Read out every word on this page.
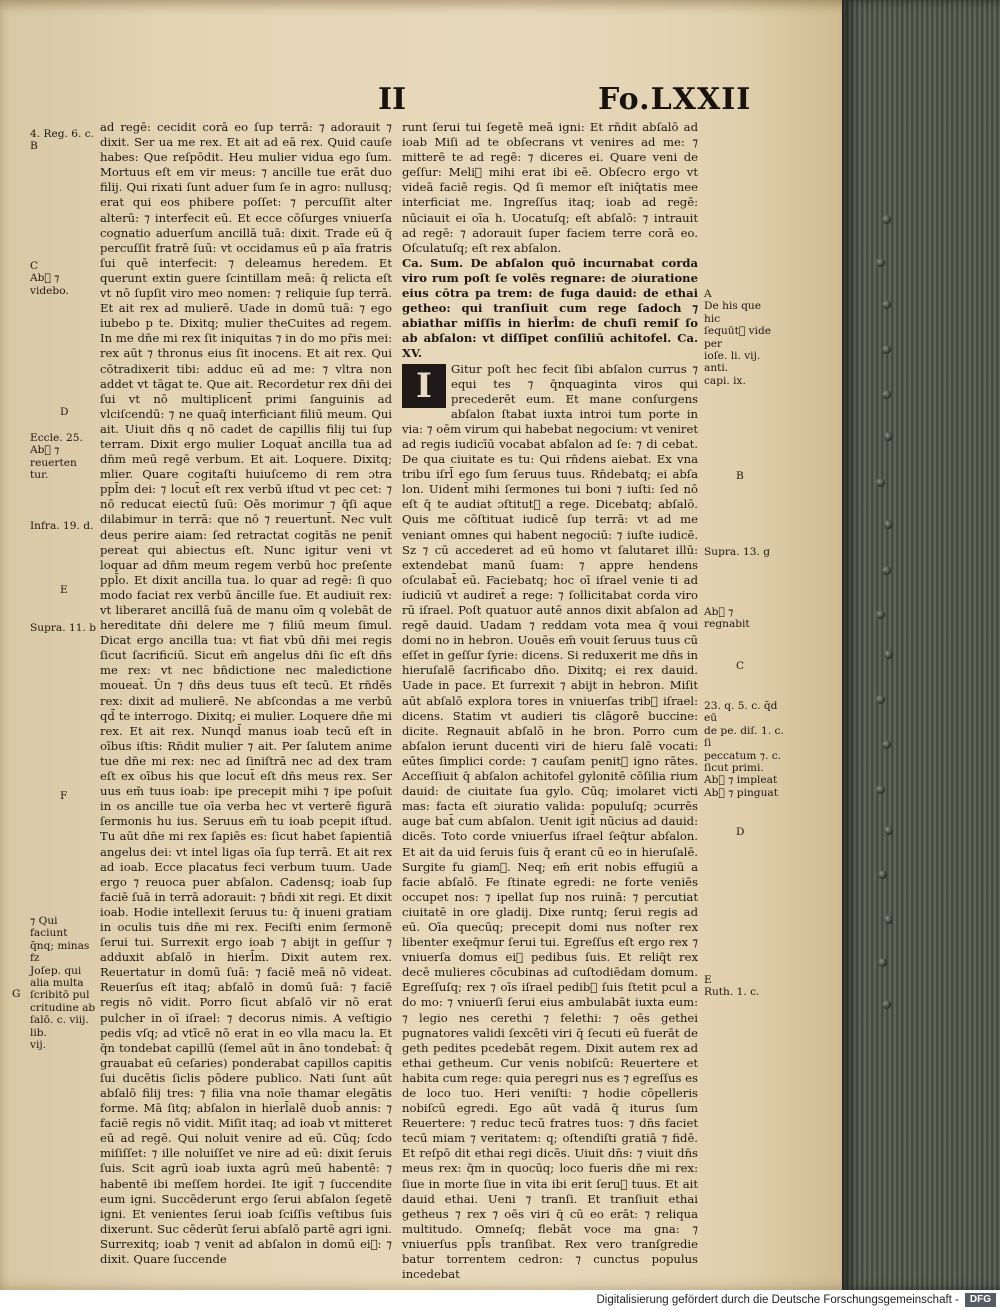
II	Fo.LXXII
4. Reg. 6. c.
B
C
Ab᷑ ⁊ videbo.
D
Eccle. 25.
Ab᷑ ⁊ reuerten
tur.
Infra. 19. d.
E
Supra. 11. b
F
⁊ Qui faciunt
q̄nq; minas fz
Joſep. qui
alia multa
ſcribitō pul
critudine ab
ſalō. c. viij. lib.
vij.
G

ad regē: cecidit corā eo ſup terrā: ⁊ adorauit ⁊ dixit. Ser ua me rex. Et ait ad eā rex. Quid cauſe habes: Que reſpōdit. Heu mulier vidua ego ſum. Mortuus eſt em vir meus: ⁊ ancille tue erāt duo filij. Qui rixati ſunt aduer ſum ſe in agro: nullusq; erat qui eos phibere poſſet: ⁊ percuſſit alter alterū: ⁊ interfecit eū. Et ecce cōſurges vniuerſa cognatio aduerſum ancillā tuā: dixit. Trade eū q̄ percuſſit fratrē ſuū: vt occidamus eū p aīa fratris ſui quē interfecit: ⁊ deleamus heredem. Et querunt extin guere ſcintillam meā: q̄ relicta eſt vt nō ſupſit viro meo nomen: ⁊ reliquie ſup terrā. Et ait rex ad mulierē. Uade in domū tuā: ⁊ ego iubebo p te. Dixitq; mulier theCuites ad regem. In me dn̄e mi rex ſit iniquitas ⁊ in do mo pr̄is mei: rex aūt ⁊ thronus eius ſit inocens. Et ait rex. Qui cōtradixerit tibi: adduc eū ad me: ⁊ vltra non addet vt tāgat te. Que ait. Recordetur rex dn̄i dei ſui vt nō multiplicent̄ primi ſanguinis ad vlciſcendū: ⁊ ne quaq̄ interficiant filiū meum. Qui ait. Uiuit dn̄s q nō cadet de capillis filij tui ſup terram. Dixit ergo mulier Loquat̄ ancilla tua ad dn̄m meū regē verbum. Et ait. Loquere. Dixitq; mlier. Quare cogitaſti huiuſcemo di rem ɔtra ppl̄m dei: ⁊ locut̄ eſt rex verbū iſtud vt pec cet: ⁊ nō reducat eiectū ſuū: Oēs morimur ⁊ q̄ſi aque dilabimur in terrā: que nō ⁊ reuertunt̄. Nec vult deus perire aiam: ſed retractat cogitās ne penit̄ pereat qui abiectus eſt. Nunc igitur veni vt loquar ad dn̄m meum regem verbū hoc preſente ppl̄o. Et dixit ancilla tua. lo quar ad regē: ſi quo modo faciat rex verbū āncille ſue. Et audiuit rex: vt liberaret ancillā ſuā de manu oīm q volebāt de hereditate dn̄i delere me ⁊ filiū meum ſimul. Dicat ergo ancilla tua: vt fiat vbū dn̄i mei regis ſicut ſacrificiū. Sicut em̄ angelus dn̄i ſic eſt dn̄s me rex: vt nec bn̄dictione nec maledictione moueat̄. Ūn ⁊ dn̄s deus tuus eſt tecū. Et rn̄dēs rex: dixit ad mulierē. Ne abſcondas a me verbū qd̄ te interrogo. Dixitq; ei mulier. Loquere dn̄e mi rex. Et ait rex. Nunqd̄ manus ioab tecū eſt in oībus iſtis: Rn̄dit mulier ⁊ ait. Per ſalutem anime tue dn̄e mi rex: nec ad ſiniſtrā nec ad dex tram eſt ex oībus his que locut̄ eſt dn̄s meus rex. Ser uus em̄ tuus ioab: ipe precepit mihi ⁊ ipe poſuit in os ancille tue oīa verba hec vt verterē figurā ſermonis hu ius. Seruus em̄ tu ioab pcepit iſtud. Tu aūt dn̄e mi rex ſapiēs es: ſicut habet ſapientiā angelus dei: vt intel ligas oīa ſup terrā. Et ait rex ad ioab. Ecce placatus feci verbum tuum. Uade ergo ⁊ reuoca puer abſalon. Cadensq; ioab ſup faciē ſuā in terrā adorauit: ⁊ bn̄di xit regi. Et dixit ioab. Hodie intellexit ſeruus tu: q̄ inueni gratiam in oculis tuis dn̄e mi rex. Feciſti enim ſermonē ſerui tui. Surrexit ergo ioab ⁊ abijt in geſſur ⁊ adduxit abſalō in hierl̄m. Dixit autem rex. Reuertatur in domū ſuā: ⁊ faciē meā nō videat. Reuerſus eſt itaq; abſalō in domū ſuā: ⁊ faciē regis nō vidit. Porro ſicut abſalō vir nō erat pulcher in oī iſrael: ⁊ decorus nimis. A veſtigio pedis vſq; ad vtīcē nō erat in eo vlla macu la. Et q̄n tondebat capillū (ſemel aūt in āno tondebat̄: q̄ grauabat eū ceſaries) ponderabat capillos capitis ſui ducētis ſiclis pōdere publico. Nati ſunt aūt abſalō filij tres: ⁊ filia vna noīe thamar elegātis forme. Mā ſitq; abſalon in hierl̄alē duob̄ annis: ⁊ faciē regis nō vidit. Miſit itaq; ad ioab vt mitteret eū ad regē. Qui noluit venire ad eū. Cūq; ſcdo miſiſſet: ⁊ ille noluiſſet ve nire ad eū: dixit ſeruis ſuis. Scit agrū ioab iuxta agrū meū habentē: ⁊ habentē ibi meſſem hordei. Ite igit̄ ⁊ ſuccendite eum igni. Succēderunt ergo ſerui abſalon ſegetē igni. Et venientes ſerui ioab ſciſſis veſtibus ſuis dixerunt. Suc cēderūt ſerui abſalō partē agri igni. Surrexitq; ioab ⁊ venit ad abſalon in domū ei᷑: ⁊ dixit. Quare ſuccende

runt ſerui tui ſegetē meā igni: Et rn̄dit abſalō ad ioab Miſi ad te obſecrans vt venires ad me: ⁊ mitterē te ad regē: ⁊ diceres ei. Quare veni de geſſur: Meli᷑ mihi erat ibi eē. Obſecro ergo vt videā faciē regis. Qd ſi memor eſt iniq̄tatis mee interficiat me. Ingreſſus itaq; ioab ad regē: nūciauit ei oīa h. Uocatuſq; eſt abſalō: ⁊ intrauit ad regē: ⁊ adorauit ſuper faciem terre corā eo. Oſculatuſq; eſt rex abſalon.

Ca. Sum. De abſalon quō incurnabat corda viro rum poſt ſe volēs regnare: de ɔiuratione eius cōtra pa trem: de fuga dauid: de ethai getheo: qui tranſiuit cum rege ſadoch ⁊ abiathar miſſis in hierl̄m: de chuſi remiſ ſo ab abſalon: vt diſſipet conſiliū achitofel. Ca. XV.

I	Gitur poſt hec fecit ſibi abſalon currus ⁊ equi tes ⁊ q̄nquaginta viros qui precederēt eum. Et mane conſurgens abſalon ſtabat iuxta introi tum porte in via: ⁊ oēm virum qui habebat negocium: vt veniret ad regis iudicīū vocabat abſalon ad ſe: ⁊ di cebat. De qua ciuitate es tu: Qui rn̄dens aiebat. Ex vna tribu iſrl̄ ego ſum ſeruus tuus. Rn̄debatq; ei abſa lon. Uident̄ mihi ſermones tui boni ⁊ iuſti: ſed nō eſt q̄ te audiat ɔſtitut᷑ a rege. Dicebatq; abſalō. Quis me cōſtituat iudicē ſup terrā: vt ad me veniant omnes qui habent negociū: ⁊ iuſte iudicē. Sz ⁊ cū accederet ad eū homo vt ſalutaret illū: extendebat manū ſuam: ⁊ appre hendens oſculabat̄ eū. Faciebatq; hoc oī iſrael venie ti ad iudiciū vt audiret̄ a rege: ⁊ ſollicitabat corda viro rū iſrael. Poſt quatuor autē annos dixit abſalon ad regē dauid. Uadam ⁊ reddam vota mea q̄ voui domi no in hebron. Uouēs em̄ vouit ſeruus tuus cū eſſet in geſſur ſyrie: dicens. Si reduxerit me dn̄s in hieruſalē ſacrificabo dn̄o. Dixitq; ei rex dauid. Uade in pace. Et ſurrexit ⁊ abijt in hebron. Miſit aūt abſalō explora tores in vniuerſas trib᷑ iſrael: dicens. Statim vt audieri tis clāgorē buccine: dicite. Regnauit abſalō in he bron. Porro cum abſalon ierunt ducenti viri de hieru ſalē vocati: eūtes ſimplici corde: ⁊ cauſam penit᷑ igno rātes. Acceſſiuit q̄ abſalon achitofel gylonitē cōſilia rium dauid: de ciuitate ſua gylo. Cūq; imolaret victi mas: facta eſt ɔiuratio valida: populuſq; ɔcurrēs auge bat̄ cum abſalon. Uenit igit̄ nūcius ad dauid: dicēs. Toto corde vniuerſus iſrael ſeq̄tur abſalon. Et ait da uid ſeruis ſuis q̄ erant cū eo in hieruſalē. Surgite fu giam᷑. Neq; em̄ erit nobis effugiū a facie abſalō. Fe ſtinate egredi: ne forte veniēs occupet nos: ⁊ ipellat ſup nos ruinā: ⁊ percutiat ciuitatē in ore gladij. Dixe runtq; ſerui regis ad eū. Oīa quecūq; precepit domi nus noſter rex libenter exeq̄mur ſerui tui. Egreſſus eſt ergo rex ⁊ vniuerſa domus ei᷑ pedibus ſuis. Et reliq̄t rex decē mulieres cōcubinas ad cuſtodiēdam domum. Egreſſuſq; rex ⁊ oīs iſrael pedib᷑ ſuis ſtetit pcul a do mo: ⁊ vniuerſi ſerui eius ambulabāt iuxta eum: ⁊ legio nes cerethi ⁊ felethi: ⁊ oēs gethei pugnatores validi ſexcēti viri q̄ ſecuti eū fuerāt de geth pedites pcedebāt regem. Dixit autem rex ad ethai getheum. Cur venis nobiſcū: Reuertere et habita cum rege: quia peregri nus es ⁊ egreſſus es de loco tuo. Heri veniſti: ⁊ hodie cōpelleris nobiſcū egredi. Ego aūt vadā q̄ iturus ſum Reuertere: ⁊ reduc tecū fratres tuos: ⁊ dn̄s faciet tecū miam ⁊ veritatem: q; oſtendiſti gratiā ⁊ fidē. Et reſpō dit ethai regi dicēs. Uiuit dn̄s: ⁊ viuit dn̄s meus rex: q̄m in quocūq; loco fueris dn̄e mi rex: ſiue in morte ſiue in vita ibi erit ſeru᷑ tuus. Et ait dauid ethai. Ueni ⁊ tranſi. Et tranſiuit ethai getheus ⁊ rex ⁊ oēs viri q̄ cū eo erāt: ⁊ reliqua multitudo. Omneſq; flebāt voce ma gna: ⁊ vniuerſus ppl̄s tranſibat. Rex vero tranſgredie batur torrentem cedron: ⁊ cunctus populus incedebat

A
De his que hic
ſequūt᷑ vide per
ioſe. li. vij. anti.
capi. ix.
B
Supra. 13. g
Ab᷑ ⁊ regnabit
C
23. q. 5. c. q̄d eū
de pe. diſ. 1. c. ſi
peccatum ⁊. c.
ſicut primi.
Ab᷑ ⁊ impleat
Ab᷑ ⁊ pinguat
D
E
Ruth. 1. c.
Digitalisierung gefördert durch die Deutsche Forschungsgemeinschaft -	DFG
